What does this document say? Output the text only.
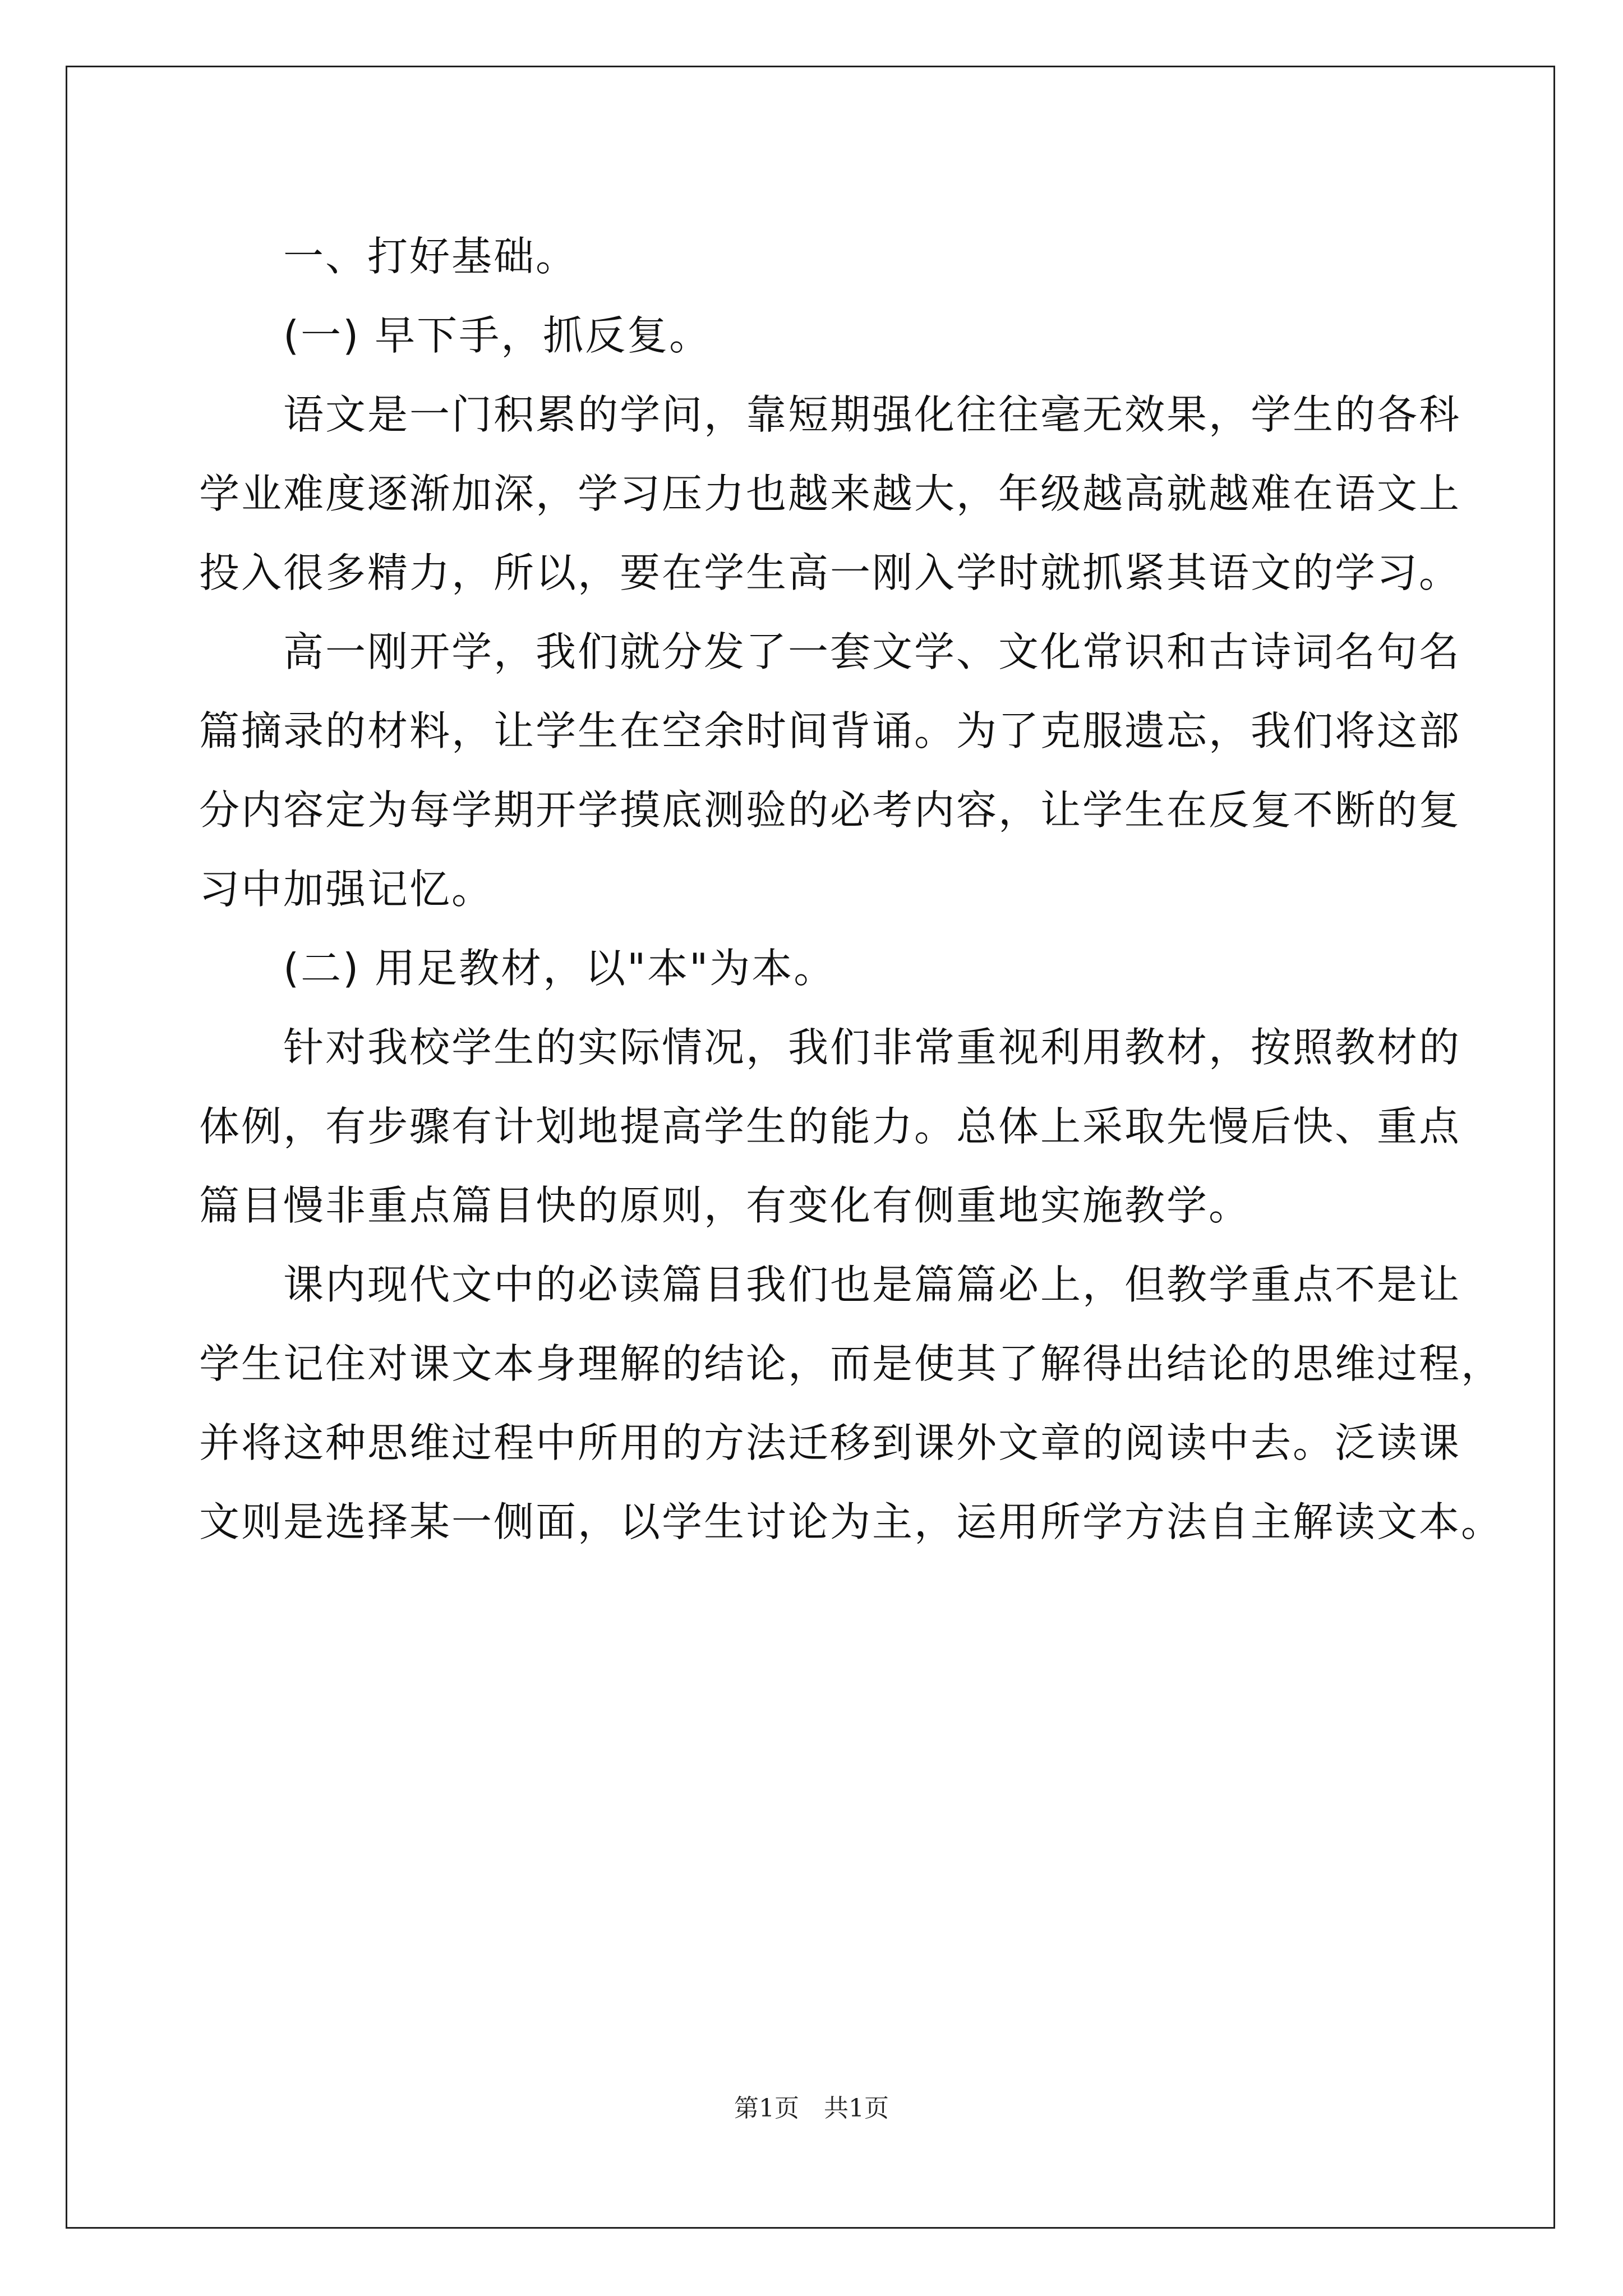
一、打好基础。
(一) 早下手，抓反复。
语文是一门积累的学问，靠短期强化往往毫无效果，学生的各科
学业难度逐渐加深，学习压力也越来越大，年级越高就越难在语文上
投入很多精力，所以，要在学生高一刚入学时就抓紧其语文的学习。
高一刚开学，我们就分发了一套文学、文化常识和古诗词名句名
篇摘录的材料，让学生在空余时间背诵。为了克服遗忘，我们将这部
分内容定为每学期开学摸底测验的必考内容，让学生在反复不断的复
习中加强记忆。
(二) 用足教材，以"本"为本。
针对我校学生的实际情况，我们非常重视利用教材，按照教材的
体例，有步骤有计划地提高学生的能力。总体上采取先慢后快、重点
篇目慢非重点篇目快的原则，有变化有侧重地实施教学。
课内现代文中的必读篇目我们也是篇篇必上，但教学重点不是让
学生记住对课文本身理解的结论，而是使其了解得出结论的思维过程，
并将这种思维过程中所用的方法迁移到课外文章的阅读中去。泛读课
文则是选择某一侧面，以学生讨论为主，运用所学方法自主解读文本。
第1页　共1页
